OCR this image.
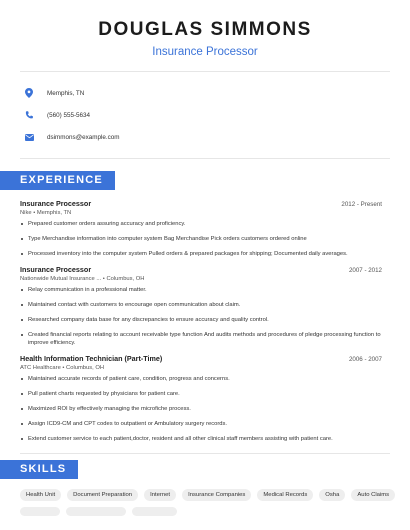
DOUGLAS SIMMONS
Insurance Processor
Memphis, TN
(560) 555-5634
dsimmons@example.com
EXPERIENCE
Insurance Processor	2012 - Present
Nike • Memphis, TN
Prepared customer orders assuring accuracy and proficiency.
Type Merchandise information into computer system Bag Merchandise Pick orders customers ordered online
Processed inventory into the computer system Pulled orders & prepared packages for shipping; Documented daily averages.
Insurance Processor	2007 - 2012
Nationwide Mutual Insurance ... • Columbus, OH
Relay communication in a professional matter.
Maintained contact with customers to encourage open communication about claim.
Researched company data base for any discrepancies to ensure accuracy and quality control.
Created financial reports relating to account receivable type function And audits methods and procedures of pledge processing function to improve efficiency.
Health Information Technician (Part-Time)	2006 - 2007
ATC Healthcare • Columbus, OH
Maintained accurate records of patient care, condition, progress and concerns.
Pull patient charts requested by physicians for patient care.
Maximized ROI by effectively managing the microfiche process.
Assign ICD9-CM and CPT codes to outpatient or Ambulatory surgery records.
Extend customer service to each patient,doctor, resident and all other clinical staff members assisting with patient care.
SKILLS
Health Unit	Document Preparation	Internet	Insurance Companies	Medical Records	Osha	Auto Claims
